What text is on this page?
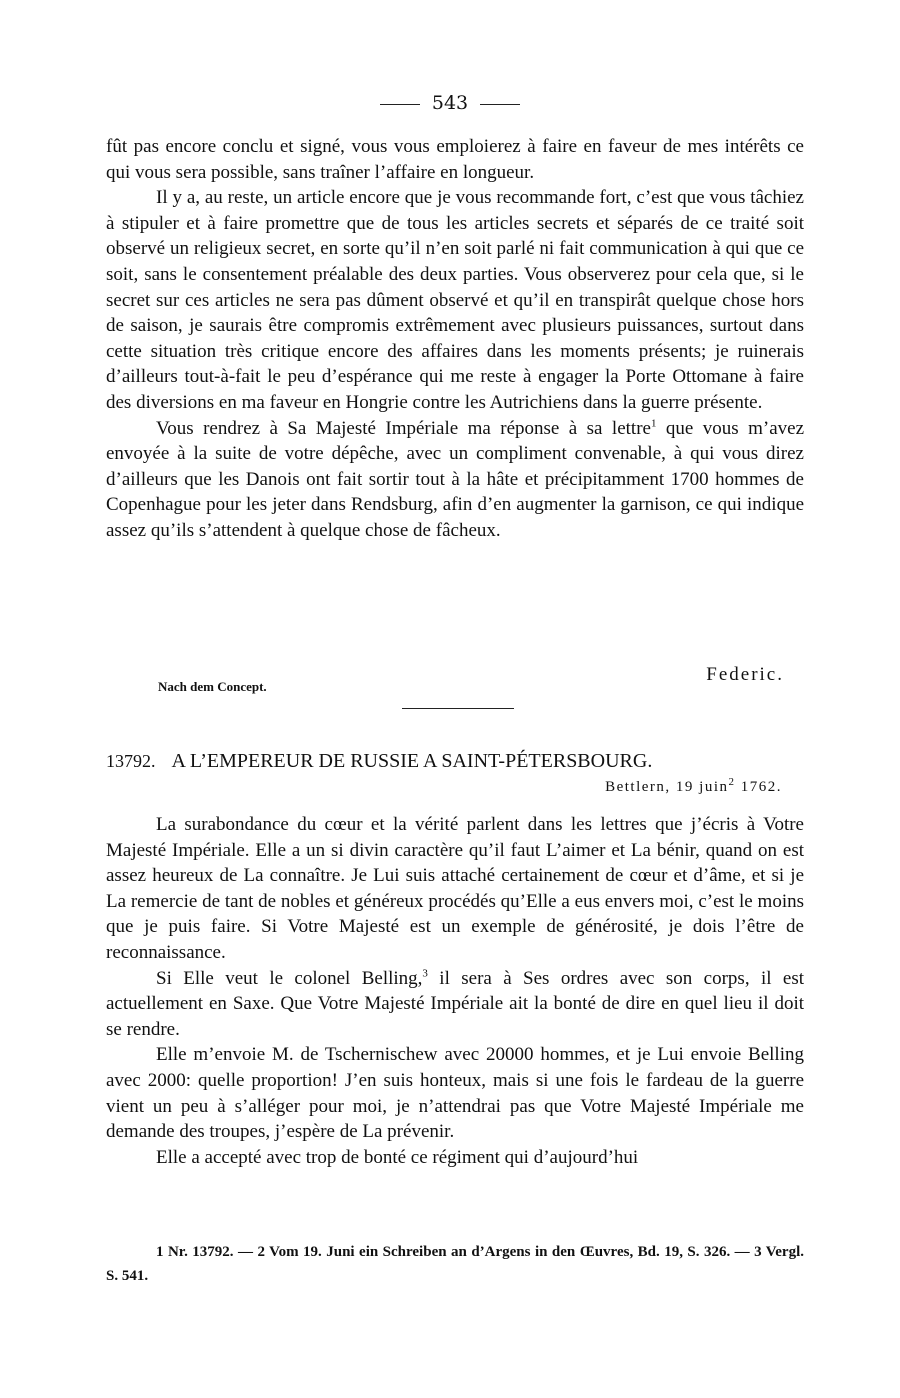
543

fût pas encore conclu et signé, vous vous emploierez à faire en faveur de mes intérêts ce qui vous sera possible, sans traîner l’affaire en longueur.

Il y a, au reste, un article encore que je vous recommande fort, c’est que vous tâchiez à stipuler et à faire promettre que de tous les articles secrets et séparés de ce traité soit observé un religieux secret, en sorte qu’il n’en soit parlé ni fait communication à qui que ce soit, sans le consentement préalable des deux parties. Vous observerez pour cela que, si le secret sur ces articles ne sera pas dûment observé et qu’il en transpirât quelque chose hors de saison, je saurais être compromis extrêmement avec plusieurs puissances, surtout dans cette situation très critique encore des affaires dans les moments présents; je ruinerais d’ailleurs tout-à-fait le peu d’espérance qui me reste à engager la Porte Ottomane à faire des diversions en ma faveur en Hongrie contre les Autrichiens dans la guerre présente.

Vous rendrez à Sa Majesté Impériale ma réponse à sa lettre$^1$ que vous m’avez envoyée à la suite de votre dépêche, avec un compliment convenable, à qui vous direz d’ailleurs que les Danois ont fait sortir tout à la hâte et précipitamment 1700 hommes de Copenhague pour les jeter dans Rendsburg, afin d’en augmenter la garnison, ce qui indique assez qu’ils s’attendent à quelque chose de fâcheux.

Nach dem Concept.
Federic.
13792. A L’EMPEREUR DE RUSSIE A SAINT-PÉTERSBOURG.
Bettlern, 19 juin$^2$ 1762.

La surabondance du cœur et la vérité parlent dans les lettres que j’écris à Votre Majesté Impériale. Elle a un si divin caractère qu’il faut L’aimer et La bénir, quand on est assez heureux de La connaître. Je Lui suis attaché certainement de cœur et d’âme, et si je La remercie de tant de nobles et généreux procédés qu’Elle a eus envers moi, c’est le moins que je puis faire. Si Votre Majesté est un exemple de générosité, je dois l’être de reconnaissance.

Si Elle veut le colonel Belling,$^3$ il sera à Ses ordres avec son corps, il est actuellement en Saxe. Que Votre Majesté Impériale ait la bonté de dire en quel lieu il doit se rendre.

Elle m’envoie M. de Tschernischew avec 20000 hommes, et je Lui envoie Belling avec 2000: quelle proportion! J’en suis honteux, mais si une fois le fardeau de la guerre vient un peu à s’alléger pour moi, je n’attendrai pas que Votre Majesté Impériale me demande des troupes, j’espère de La prévenir.

Elle a accepté avec trop de bonté ce régiment qui d’aujourd’hui

1 Nr. 13792. — 2 Vom 19. Juni ein Schreiben an d’Argens in den Œuvres, Bd. 19, S. 326. — 3 Vergl. S. 541.
